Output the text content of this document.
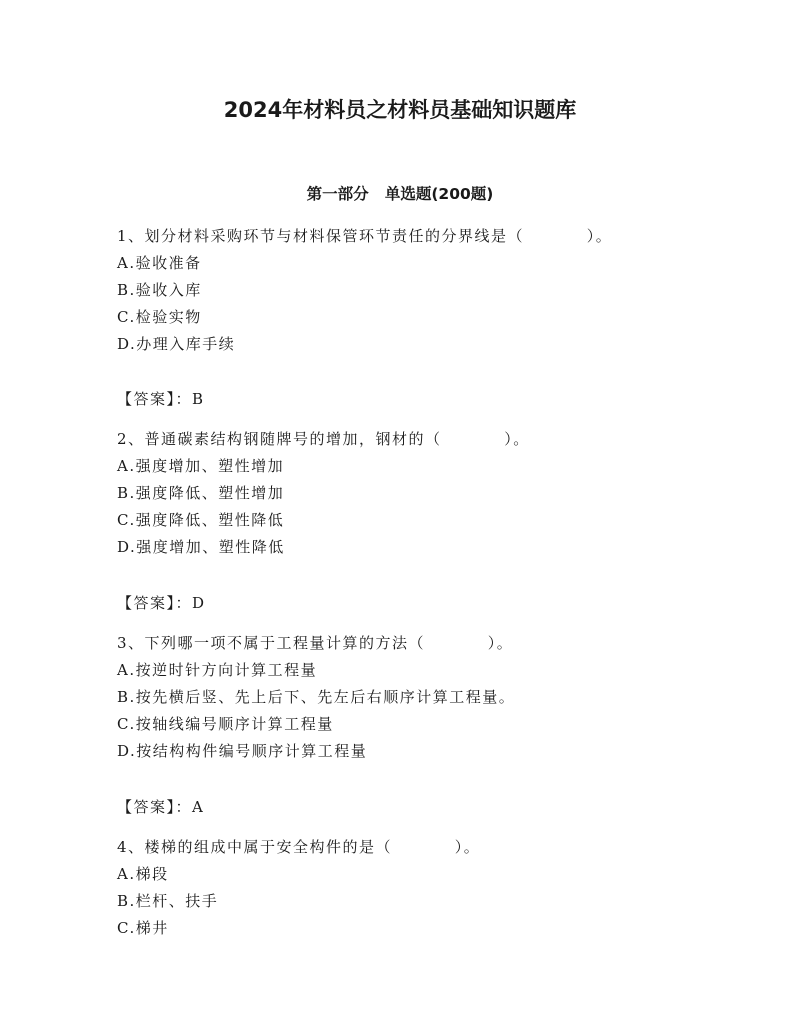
2024年材料员之材料员基础知识题库
第一部分   单选题(200题)
1、划分材料采购环节与材料保管环节责任的分界线是（          ）。
A.验收准备
B.验收入库
C.检验实物
D.办理入库手续
【答案】：B
2、普通碳素结构钢随牌号的增加，钢材的（          ）。
A.强度增加、塑性增加
B.强度降低、塑性增加
C.强度降低、塑性降低
D.强度增加、塑性降低
【答案】：D
3、下列哪一项不属于工程量计算的方法（          ）。
A.按逆时针方向计算工程量
B.按先横后竖、先上后下、先左后右顺序计算工程量。
C.按轴线编号顺序计算工程量
D.按结构构件编号顺序计算工程量
【答案】：A
4、楼梯的组成中属于安全构件的是（          ）。
A.梯段
B.栏杆、扶手
C.梯井
